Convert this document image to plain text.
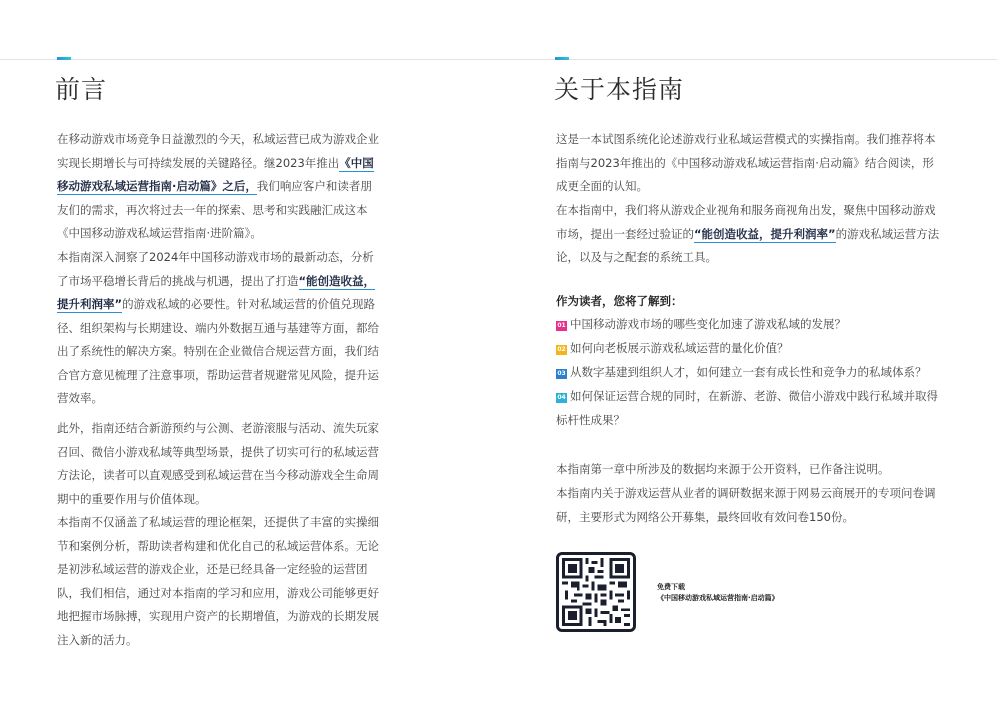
前言

在移动游戏市场竞争日益激烈的今天，私域运营已成为游戏企业实现长期增长与可持续发展的关键路径。继2023年推出《中国移动游戏私域运营指南·启动篇》之后，我们响应客户和读者朋友们的需求，再次将过去一年的探索、思考和实践融汇成这本《中国移动游戏私域运营指南·进阶篇》。

本指南深入洞察了2024年中国移动游戏市场的最新动态，分析了市场平稳增长背后的挑战与机遇，提出了打造“能创造收益，提升利润率”的游戏私域的必要性。针对私域运营的价值兑现路径、组织架构与长期建设、端内外数据互通与基建等方面，都给出了系统性的解决方案。特别在企业微信合规运营方面，我们结合官方意见梳理了注意事项，帮助运营者规避常见风险，提升运营效率。

此外，指南还结合新游预约与公测、老游滚服与活动、流失玩家召回、微信小游戏私域等典型场景，提供了切实可行的私域运营方法论，读者可以直观感受到私域运营在当今移动游戏全生命周期中的重要作用与价值体现。

本指南不仅涵盖了私域运营的理论框架，还提供了丰富的实操细节和案例分析，帮助读者构建和优化自己的私域运营体系。无论是初涉私域运营的游戏企业，还是已经具备一定经验的运营团队，我们相信，通过对本指南的学习和应用，游戏公司能够更好地把握市场脉搏，实现用户资产的长期增值，为游戏的长期发展注入新的活力。

关于本指南

这是一本试图系统化论述游戏行业私域运营模式的实操指南。我们推荐将本指南与2023年推出的《中国移动游戏私域运营指南·启动篇》结合阅读，形成更全面的认知。

在本指南中，我们将从游戏企业视角和服务商视角出发，聚焦中国移动游戏市场，提出一套经过验证的“能创造收益，提升利润率”的游戏私域运营方法论，以及与之配套的系统工具。

作为读者，您将了解到：
01 中国移动游戏市场的哪些变化加速了游戏私域的发展？
02 如何向老板展示游戏私域运营的量化价值？
03 从数字基建到组织人才，如何建立一套有成长性和竞争力的私域体系？
04 如何保证运营合规的同时，在新游、老游、微信小游戏中践行私域并取得标杆性成果？

本指南第一章中所涉及的数据均来源于公开资料，已作备注说明。

本指南内关于游戏运营从业者的调研数据来源于网易云商展开的专项问卷调研，主要形式为网络公开募集，最终回收有效问卷150份。

免费下载
《中国移动游戏私域运营指南·启动篇》
